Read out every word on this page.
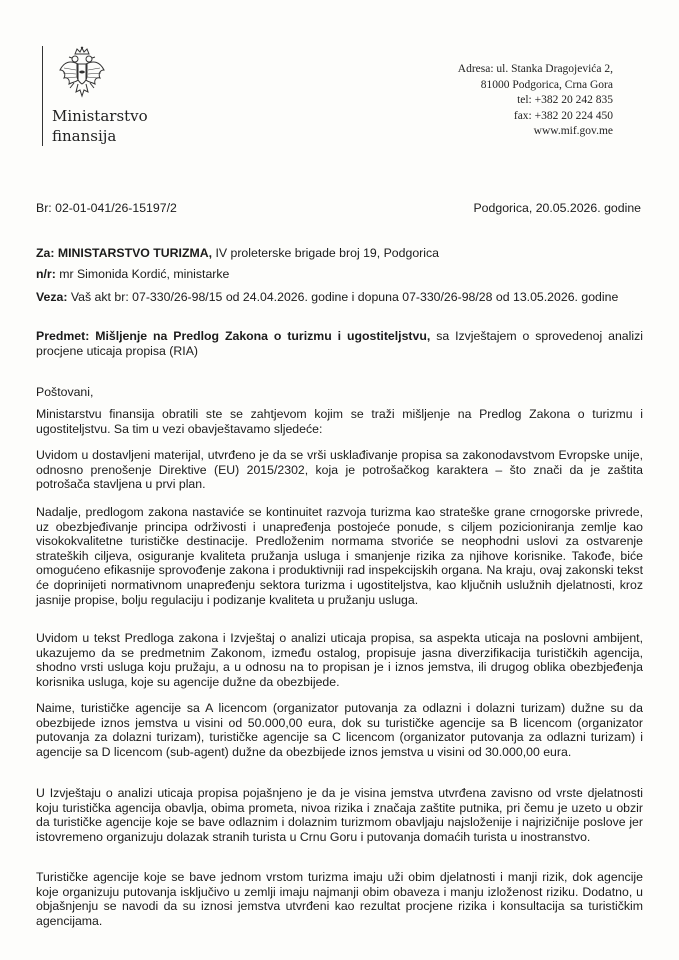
Ministarstvo
finansija
Adresa: ul. Stanka Dragojevića 2,
81000 Podgorica, Crna Gora
tel: +382 20 242 835
fax: +382 20 224 450
www.mif.gov.me
Br: 02-01-041/26-15197/2	Podgorica, 20.05.2026. godine
Za: MINISTARSTVO TURIZMA, IV proleterske brigade broj 19, Podgorica
n/r: mr Simonida Kordić, ministarke
Veza: Vaš akt br: 07-330/26-98/15 od 24.04.2026. godine i dopuna 07-330/26-98/28 od 13.05.2026. godine
Predmet: Mišljenje na Predlog Zakona o turizmu i ugostiteljstvu, sa Izvještajem o sprovedenoj analizi procjene uticaja propisa (RIA)
Poštovani,
Ministarstvu finansija obratili ste se zahtjevom kojim se traži mišljenje na Predlog Zakona o turizmu i ugostiteljstvu. Sa tim u vezi obavještavamo sljedeće:
Uvidom u dostavljeni materijal, utvrđeno je da se vrši usklađivanje propisa sa zakonodavstvom Evropske unije, odnosno prenošenje Direktive (EU) 2015/2302, koja je potrošačkog karaktera – što znači da je zaštita potrošača stavljena u prvi plan.
Nadalje, predlogom zakona nastaviće se kontinuitet razvoja turizma kao strateške grane crnogorske privrede, uz obezbjeđivanje principa održivosti i unapređenja postojeće ponude, s ciljem pozicioniranja zemlje kao visokokvalitetne turističke destinacije. Predloženim normama stvoriće se neophodni uslovi za ostvarenje strateških ciljeva, osiguranje kvaliteta pružanja usluga i smanjenje rizika za njihove korisnike. Takođe, biće omogućeno efikasnije sprovođenje zakona i produktivniji rad inspekcijskih organa. Na kraju, ovaj zakonski tekst će doprinijeti normativnom unapređenju sektora turizma i ugostiteljstva, kao ključnih uslužnih djelatnosti, kroz jasnije propise, bolju regulaciju i podizanje kvaliteta u pružanju usluga.
Uvidom u tekst Predloga zakona i Izvještaj o analizi uticaja propisa, sa aspekta uticaja na poslovni ambijent, ukazujemo da se predmetnim Zakonom, između ostalog, propisuje jasna diverzifikacija turističkih agencija, shodno vrsti usluga koju pružaju, a u odnosu na to propisan je i iznos jemstva, ili drugog oblika obezbjeđenja korisnika usluga, koje su agencije dužne da obezbijede.
Naime, turističke agencije sa A licencom (organizator putovanja za odlazni i dolazni turizam) dužne su da obezbijede iznos jemstva u visini od 50.000,00 eura, dok su turističke agencije sa B licencom (organizator putovanja za dolazni turizam), turističke agencije sa C licencom (organizator putovanja za odlazni turizam) i agencije sa D licencom (sub-agent) dužne da obezbijede iznos jemstva u visini od 30.000,00 eura.
U Izvještaju o analizi uticaja propisa pojašnjeno je da je visina jemstva utvrđena zavisno od vrste djelatnosti koju turistička agencija obavlja, obima prometa, nivoa rizika i značaja zaštite putnika, pri čemu je uzeto u obzir da turističke agencije koje se bave odlaznim i dolaznim turizmom obavljaju najsloženije i najrizičnije poslove jer istovremeno organizuju dolazak stranih turista u Crnu Goru i putovanja domaćih turista u inostranstvo.
Turističke agencije koje se bave jednom vrstom turizma imaju uži obim djelatnosti i manji rizik, dok agencije koje organizuju putovanja isključivo u zemlji imaju najmanji obim obaveza i manju izloženost riziku. Dodatno, u objašnjenju se navodi da su iznosi jemstva utvrđeni kao rezultat procjene rizika i konsultacija sa turističkim agencijama.
